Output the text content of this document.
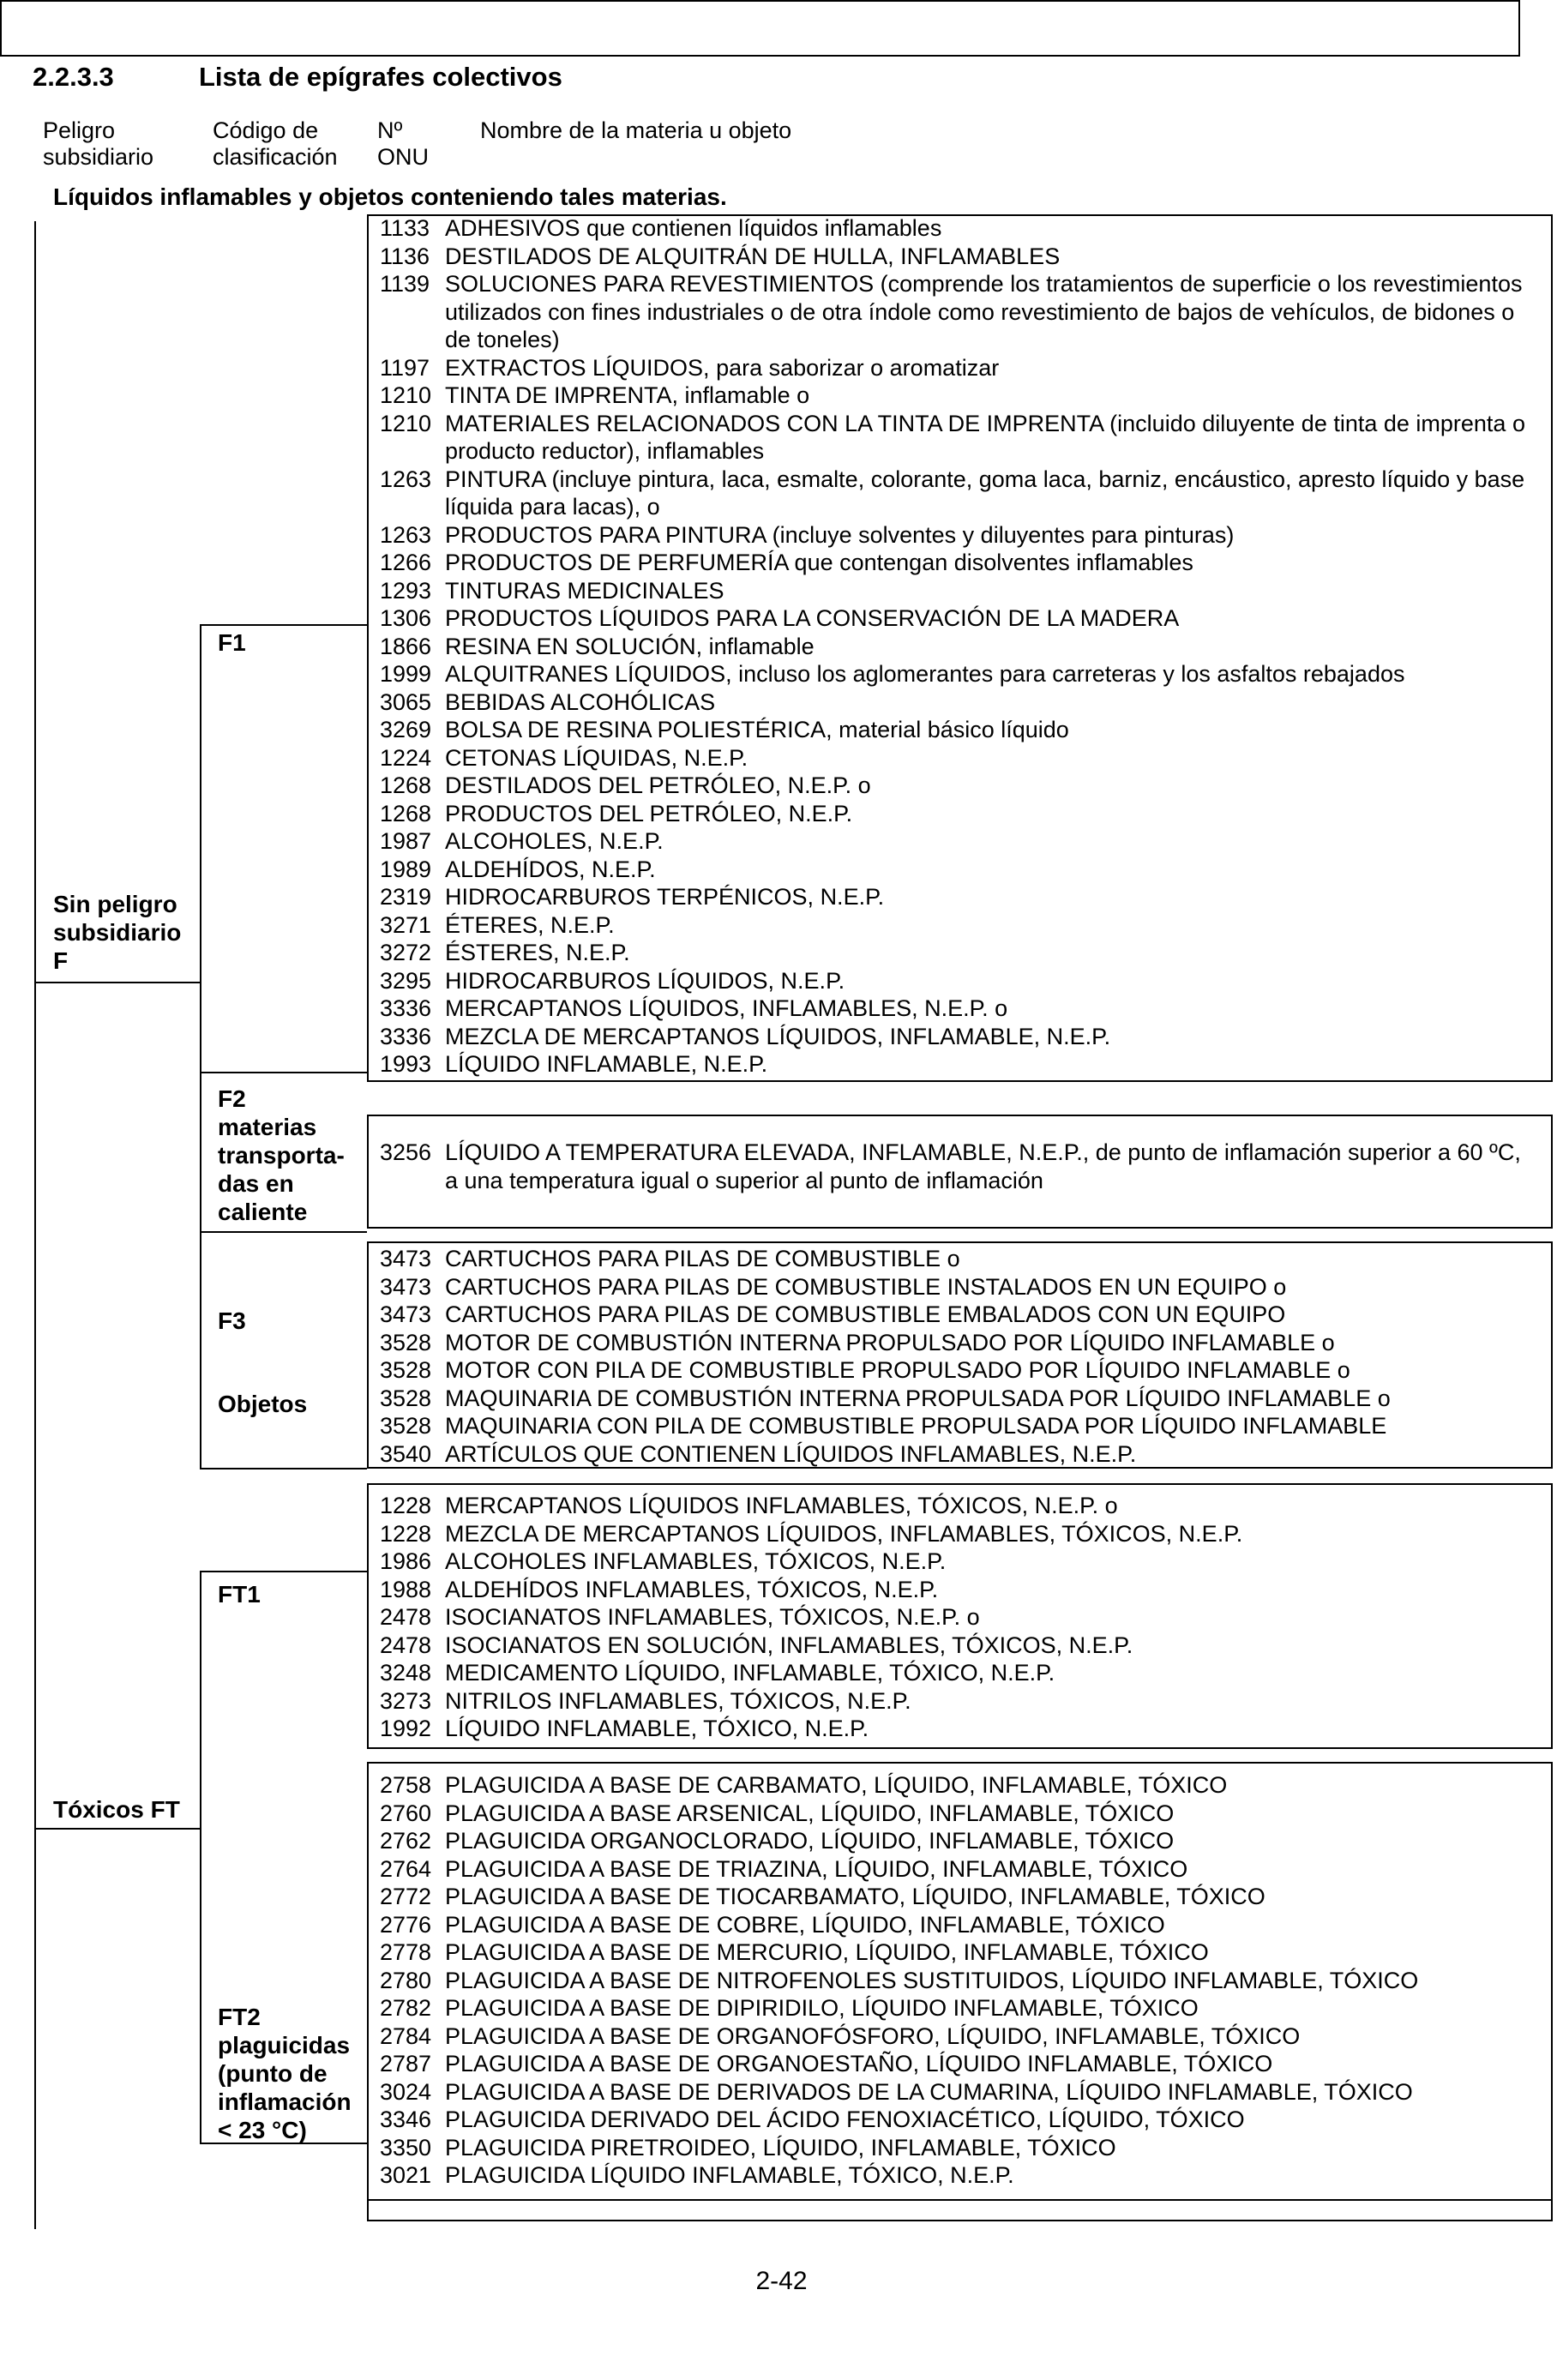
2.2.3.3	Lista de epígrafes colectivos
Peligro
subsidiario
Código de
clasificación
Nº
ONU
Nombre de la materia u objeto
Líquidos inflamables y objetos conteniendo tales materias.
Sin peligro
subsidiario
F
Tóxicos FT
F1
F2
materias
transporta-
das en
caliente
F3
Objetos
FT1
FT2
plaguicidas
(punto de
inflamación
< 23 °C)
1133 ADHESIVOS que contienen líquidos inflamables
1136 DESTILADOS DE ALQUITRÁN DE HULLA, INFLAMABLES
1139 SOLUCIONES PARA REVESTIMIENTOS (comprende los tratamientos de superficie o los revestimientos utilizados con fines industriales o de otra índole como revestimiento de bajos de vehículos, de bidones o de toneles)
1197 EXTRACTOS LÍQUIDOS, para saborizar o aromatizar
1210 TINTA DE IMPRENTA, inflamable o
1210 MATERIALES RELACIONADOS CON LA TINTA DE IMPRENTA (incluido diluyente de tinta de imprenta o producto reductor), inflamables
1263 PINTURA (incluye pintura, laca, esmalte, colorante, goma laca, barniz, encáustico, apresto líquido y base líquida para lacas), o
1263 PRODUCTOS PARA PINTURA (incluye solventes y diluyentes para pinturas)
1266 PRODUCTOS DE PERFUMERÍA que contengan disolventes inflamables
1293 TINTURAS MEDICINALES
1306 PRODUCTOS LÍQUIDOS PARA LA CONSERVACIÓN DE LA MADERA
1866 RESINA EN SOLUCIÓN, inflamable
1999 ALQUITRANES LÍQUIDOS, incluso los aglomerantes para carreteras y los asfaltos rebajados
3065 BEBIDAS ALCOHÓLICAS
3269 BOLSA DE RESINA POLIESTÉRICA, material básico líquido
1224 CETONAS LÍQUIDAS, N.E.P.
1268 DESTILADOS DEL PETRÓLEO, N.E.P. o
1268 PRODUCTOS DEL PETRÓLEO, N.E.P.
1987 ALCOHOLES, N.E.P.
1989 ALDEHÍDOS, N.E.P.
2319 HIDROCARBUROS TERPÉNICOS, N.E.P.
3271 ÉTERES, N.E.P.
3272 ÉSTERES, N.E.P.
3295 HIDROCARBUROS LÍQUIDOS, N.E.P.
3336 MERCAPTANOS LÍQUIDOS, INFLAMABLES, N.E.P. o
3336 MEZCLA DE MERCAPTANOS LÍQUIDOS, INFLAMABLE, N.E.P.
1993 LÍQUIDO INFLAMABLE, N.E.P.
3256 LÍQUIDO A TEMPERATURA ELEVADA, INFLAMABLE, N.E.P., de punto de inflamación superior a 60 ºC, a una temperatura igual o superior al punto de inflamación
3473 CARTUCHOS PARA PILAS DE COMBUSTIBLE o
3473 CARTUCHOS PARA PILAS DE COMBUSTIBLE INSTALADOS EN UN EQUIPO o
3473 CARTUCHOS PARA PILAS DE COMBUSTIBLE EMBALADOS CON UN EQUIPO
3528 MOTOR DE COMBUSTIÓN INTERNA PROPULSADO POR LÍQUIDO INFLAMABLE o
3528 MOTOR CON PILA DE COMBUSTIBLE PROPULSADO POR LÍQUIDO INFLAMABLE o
3528 MAQUINARIA DE COMBUSTIÓN INTERNA PROPULSADA POR LÍQUIDO INFLAMABLE o
3528 MAQUINARIA CON PILA DE COMBUSTIBLE PROPULSADA POR LÍQUIDO INFLAMABLE
3540 ARTÍCULOS QUE CONTIENEN LÍQUIDOS INFLAMABLES, N.E.P.
1228 MERCAPTANOS LÍQUIDOS INFLAMABLES, TÓXICOS, N.E.P. o
1228 MEZCLA DE MERCAPTANOS LÍQUIDOS, INFLAMABLES, TÓXICOS, N.E.P.
1986 ALCOHOLES INFLAMABLES, TÓXICOS, N.E.P.
1988 ALDEHÍDOS INFLAMABLES, TÓXICOS, N.E.P.
2478 ISOCIANATOS INFLAMABLES, TÓXICOS, N.E.P. o
2478 ISOCIANATOS EN SOLUCIÓN, INFLAMABLES, TÓXICOS, N.E.P.
3248 MEDICAMENTO LÍQUIDO, INFLAMABLE, TÓXICO, N.E.P.
3273 NITRILOS INFLAMABLES, TÓXICOS, N.E.P.
1992 LÍQUIDO INFLAMABLE, TÓXICO, N.E.P.
2758 PLAGUICIDA A BASE DE CARBAMATO, LÍQUIDO, INFLAMABLE, TÓXICO
2760 PLAGUICIDA A BASE ARSENICAL, LÍQUIDO, INFLAMABLE, TÓXICO
2762 PLAGUICIDA ORGANOCLORADO, LÍQUIDO, INFLAMABLE, TÓXICO
2764 PLAGUICIDA A BASE DE TRIAZINA, LÍQUIDO, INFLAMABLE, TÓXICO
2772 PLAGUICIDA A BASE DE TIOCARBAMATO, LÍQUIDO, INFLAMABLE, TÓXICO
2776 PLAGUICIDA A BASE DE COBRE, LÍQUIDO, INFLAMABLE, TÓXICO
2778 PLAGUICIDA A BASE DE MERCURIO, LÍQUIDO, INFLAMABLE, TÓXICO
2780 PLAGUICIDA A BASE DE NITROFENOLES SUSTITUIDOS, LÍQUIDO INFLAMABLE, TÓXICO
2782 PLAGUICIDA A BASE DE DIPIRIDILO, LÍQUIDO INFLAMABLE, TÓXICO
2784 PLAGUICIDA A BASE DE ORGANOFÓSFORO, LÍQUIDO, INFLAMABLE, TÓXICO
2787 PLAGUICIDA A BASE DE ORGANOESTAÑO, LÍQUIDO INFLAMABLE, TÓXICO
3024 PLAGUICIDA A BASE DE DERIVADOS DE LA CUMARINA, LÍQUIDO INFLAMABLE, TÓXICO
3346 PLAGUICIDA DERIVADO DEL ÁCIDO FENOXIACÉTICO, LÍQUIDO, TÓXICO
3350 PLAGUICIDA PIRETROIDEO, LÍQUIDO, INFLAMABLE, TÓXICO
3021 PLAGUICIDA LÍQUIDO INFLAMABLE, TÓXICO, N.E.P.
2-42
